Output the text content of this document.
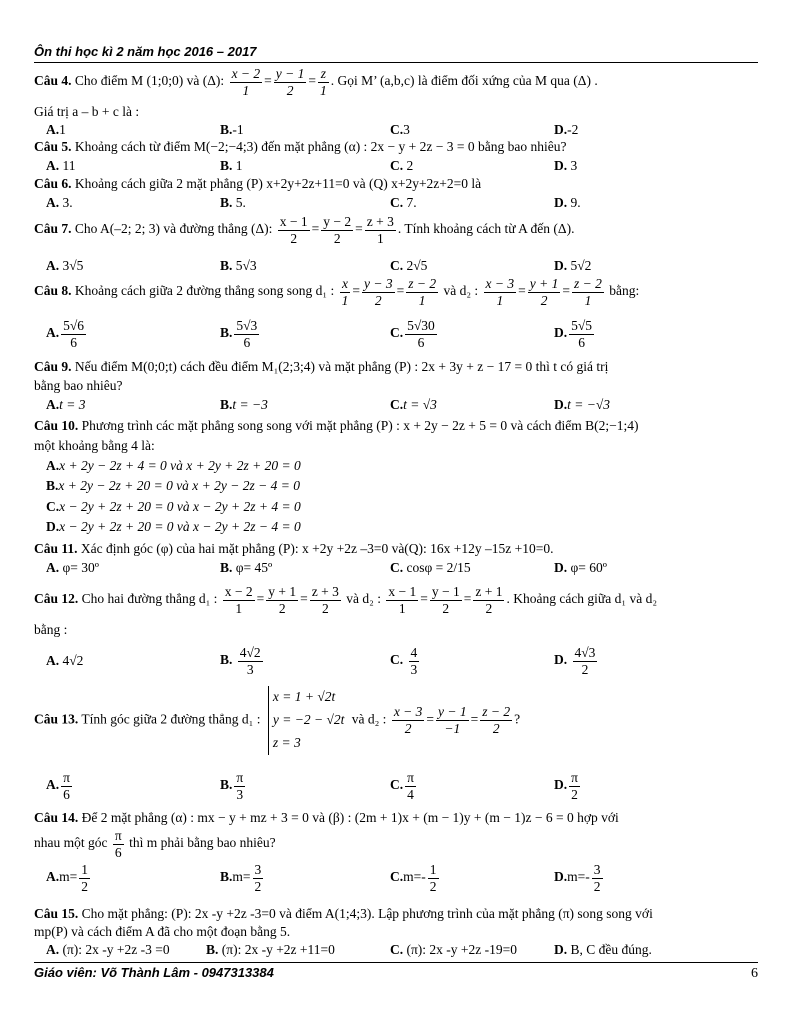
Ôn thi học kì 2 năm học 2016 – 2017
Câu 4. Cho điểm M (1;0;0) và (Δ): $\frac{x - 2}{1} = \frac{y - 1}{2} = \frac{z}{1}$ . Gọi M’ (a,b,c) là điểm đối xứng của M qua (Δ) .
Giá trị a – b + c là :
A.1	B.-1	C.3	D.-2
Câu 5. Khoảng cách từ điểm M(−2;−4;3) đến mặt phẳng (α) : 2x − y + 2z − 3 = 0 bằng bao nhiêu?
A. 11	B. 1	C. 2	D. 3
Câu 6. Khoảng cách giữa 2 mặt phẳng (P) x+2y+2z+11=0 và (Q) x+2y+2z+2=0 là
A. 3.	B. 5.	C. 7.	D. 9.
Câu 7. Cho A(–2; 2; 3) và đường thẳng (Δ): $\frac{x - 1}{2} = \frac{y - 2}{2} = \frac{z + 3}{1}$ . Tính khoảng cách từ A đến (Δ).
A. 3√5	B. 5√3	C. 2√5	D. 5√2
Câu 8. Khoảng cách giữa 2 đường thẳng song song d₁ : $\frac{x}{1} = \frac{y - 3}{2} = \frac{z - 2}{1}$ và d₂ : $\frac{x - 3}{1} = \frac{y + 1}{2} = \frac{z - 2}{1}$ bằng:
A. $\frac{5√6}{6}$	B. $\frac{5√3}{6}$	C. $\frac{5√30}{6}$	D. $\frac{5√5}{6}$
Câu 9. Nếu điểm M(0;0;t) cách đều điểm M₁(2;3;4) và mặt phẳng (P) : 2x + 3y + z − 17 = 0 thì t có giá trị
bằng bao nhiêu?
A.t = 3	B.t = −3	C.t = √3	D.t = −√3
Câu 10. Phương trình các mặt phẳng song song với mặt phẳng (P) : x + 2y − 2z + 5 = 0 và cách điểm B(2;−1;4)
một khoảng bằng 4 là:
A.x + 2y − 2z + 4 = 0 và x + 2y + 2z + 20 = 0
B.x + 2y − 2z + 20 = 0 và x + 2y − 2z − 4 = 0
C.x − 2y + 2z + 20 = 0 và x − 2y + 2z + 4 = 0
D.x − 2y + 2z + 20 = 0 và x − 2y + 2z − 4 = 0
Câu 11. Xác định góc (φ) của hai mặt phẳng (P): x +2y +2z –3=0 và(Q): 16x +12y –15z +10=0.
A. φ= 30º	B. φ= 45º	C. cosφ = 2/15	D. φ= 60º
Câu 12. Cho hai đường thẳng d₁ : $\frac{x - 2}{1} = \frac{y + 1}{2} = \frac{z + 3}{2}$ và d₂ : $\frac{x - 1}{1} = \frac{y - 1}{2} = \frac{z + 1}{2}$ . Khoảng cách giữa d₁ và d₂
bằng :
A. 4√2	B. $\frac{4√2}{3}$	C. $\frac{4}{3}$	D. $\frac{4√3}{2}$
Câu 13. Tính góc giữa 2 đường thẳng d₁ :
x = 1 + √2t
y = −2 − √2t
z = 3
và d₂ : $\frac{x - 3}{2} = \frac{y - 1}{-1} = \frac{z - 2}{2}$ ?
A. $\frac{\pi}{6}$	B. $\frac{\pi}{3}$	C. $\frac{\pi}{4}$	D. $\frac{\pi}{2}$
Câu 14. Để 2 mặt phẳng (α) : mx − y + mz + 3 = 0 và (β) : (2m + 1)x + (m − 1)y + (m − 1)z − 6 = 0 hợp với
nhau một góc $\frac{\pi}{6}$ thì m phải bằng bao nhiêu?
$A.m= \frac{1}{2}$	$B.m= \frac{3}{2}$	$C.m=- \frac{1}{2}$	$D.m=- \frac{3}{2}$
Câu 15. Cho mặt phẳng: (P): 2x -y +2z -3=0 và điểm A(1;4;3). Lập phương trình của mặt phẳng (π) song song với
mp(P) và cách điểm A đã cho một đoạn bằng 5.
A. (π): 2x -y +2z -3 =0	B. (π): 2x -y +2z +11=0	C. (π): 2x -y +2z -19=0	D. B, C đều đúng.
Giáo viên: Võ Thành Lâm - 0947313384	6
